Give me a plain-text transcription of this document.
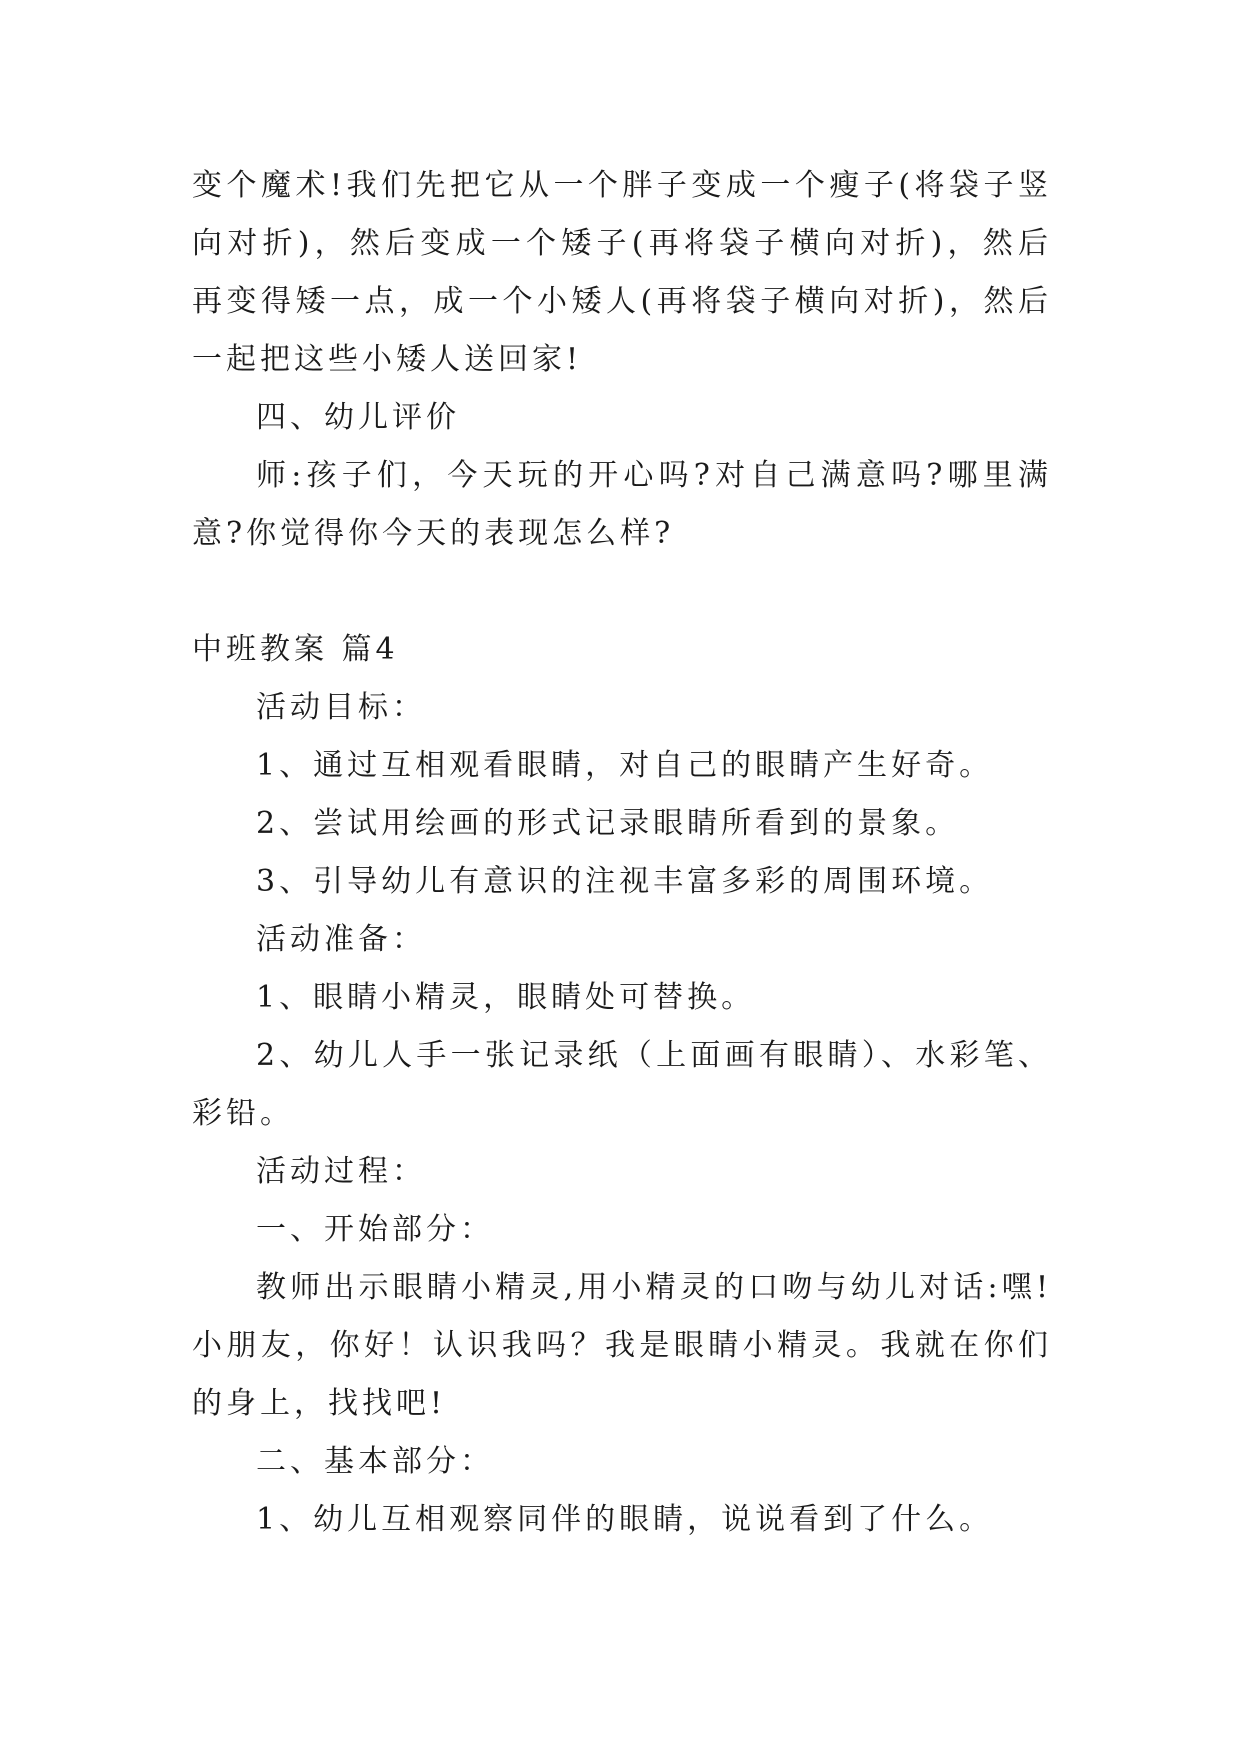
变个魔术!我们先把它从一个胖子变成一个瘦子(将袋子竖向对折)，然后变成一个矮子(再将袋子横向对折)，然后再变得矮一点，成一个小矮人(再将袋子横向对折)，然后一起把这些小矮人送回家!

四、幼儿评价

师:孩子们，今天玩的开心吗?对自己满意吗?哪里满意?你觉得你今天的表现怎么样?

中班教案 篇4

活动目标：

1、通过互相观看眼睛，对自己的眼睛产生好奇。

2、尝试用绘画的形式记录眼睛所看到的景象。

3、引导幼儿有意识的注视丰富多彩的周围环境。

活动准备：

1、眼睛小精灵，眼睛处可替换。

2、幼儿人手一张记录纸（上面画有眼睛）、水彩笔、彩铅。

活动过程：

一、开始部分：

教师出示眼睛小精灵,用小精灵的口吻与幼儿对话:嘿!小朋友，你好！认识我吗？我是眼睛小精灵。我就在你们的身上，找找吧!

二、基本部分：

1、幼儿互相观察同伴的眼睛，说说看到了什么。
